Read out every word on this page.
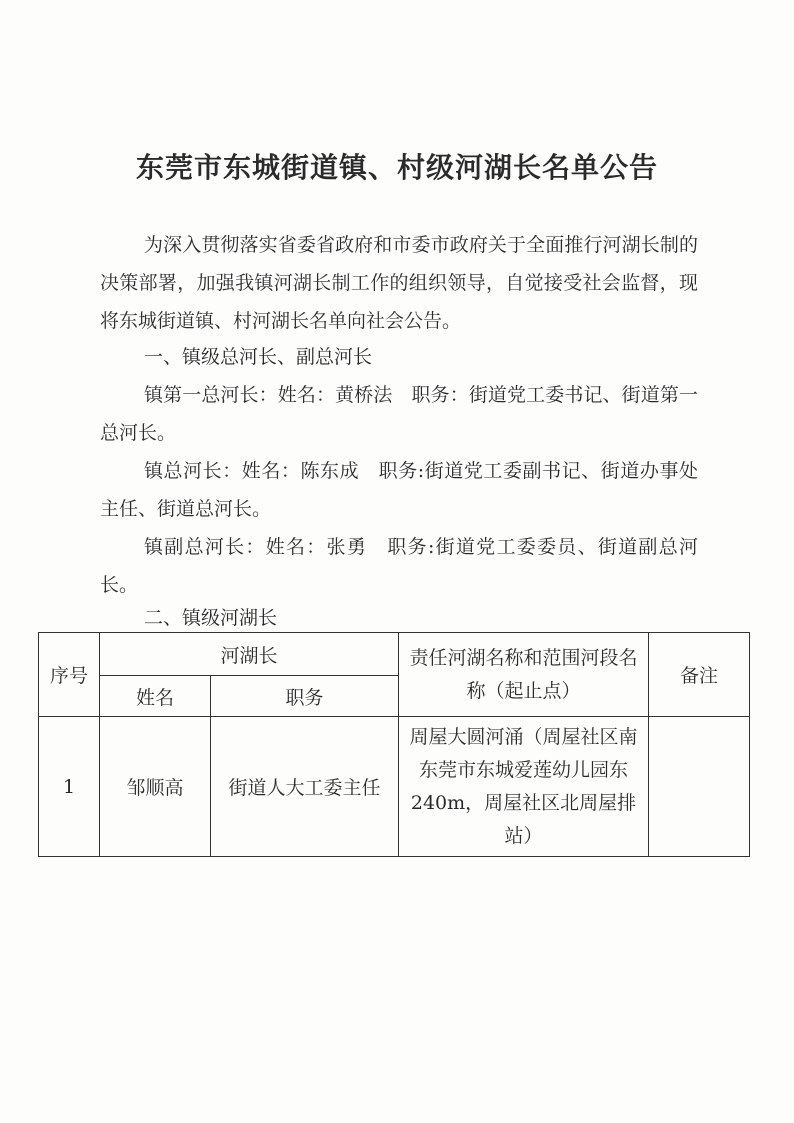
东莞市东城街道镇、村级河湖长名单公告

为深入贯彻落实省委省政府和市委市政府关于全面推行河湖长制的决策部署，加强我镇河湖长制工作的组织领导，自觉接受社会监督，现将东城街道镇、村河湖长名单向社会公告。

一、镇级总河长、副总河长

镇第一总河长：姓名：黄桥法　职务：街道党工委书记、街道第一总河长。

镇总河长：姓名：陈东成　职务:街道党工委副书记、街道办事处主任、街道总河长。

镇副总河长：姓名：张勇　职务:街道党工委委员、街道副总河长。

二、镇级河湖长

序号	河湖长		责任河湖名称和范围河段名称（起止点）	备注
	姓名	职务		
1	邹顺高	街道人大工委主任	周屋大圆河涌（周屋社区南东莞市东城爱莲幼儿园东240m，周屋社区北周屋排站）	
